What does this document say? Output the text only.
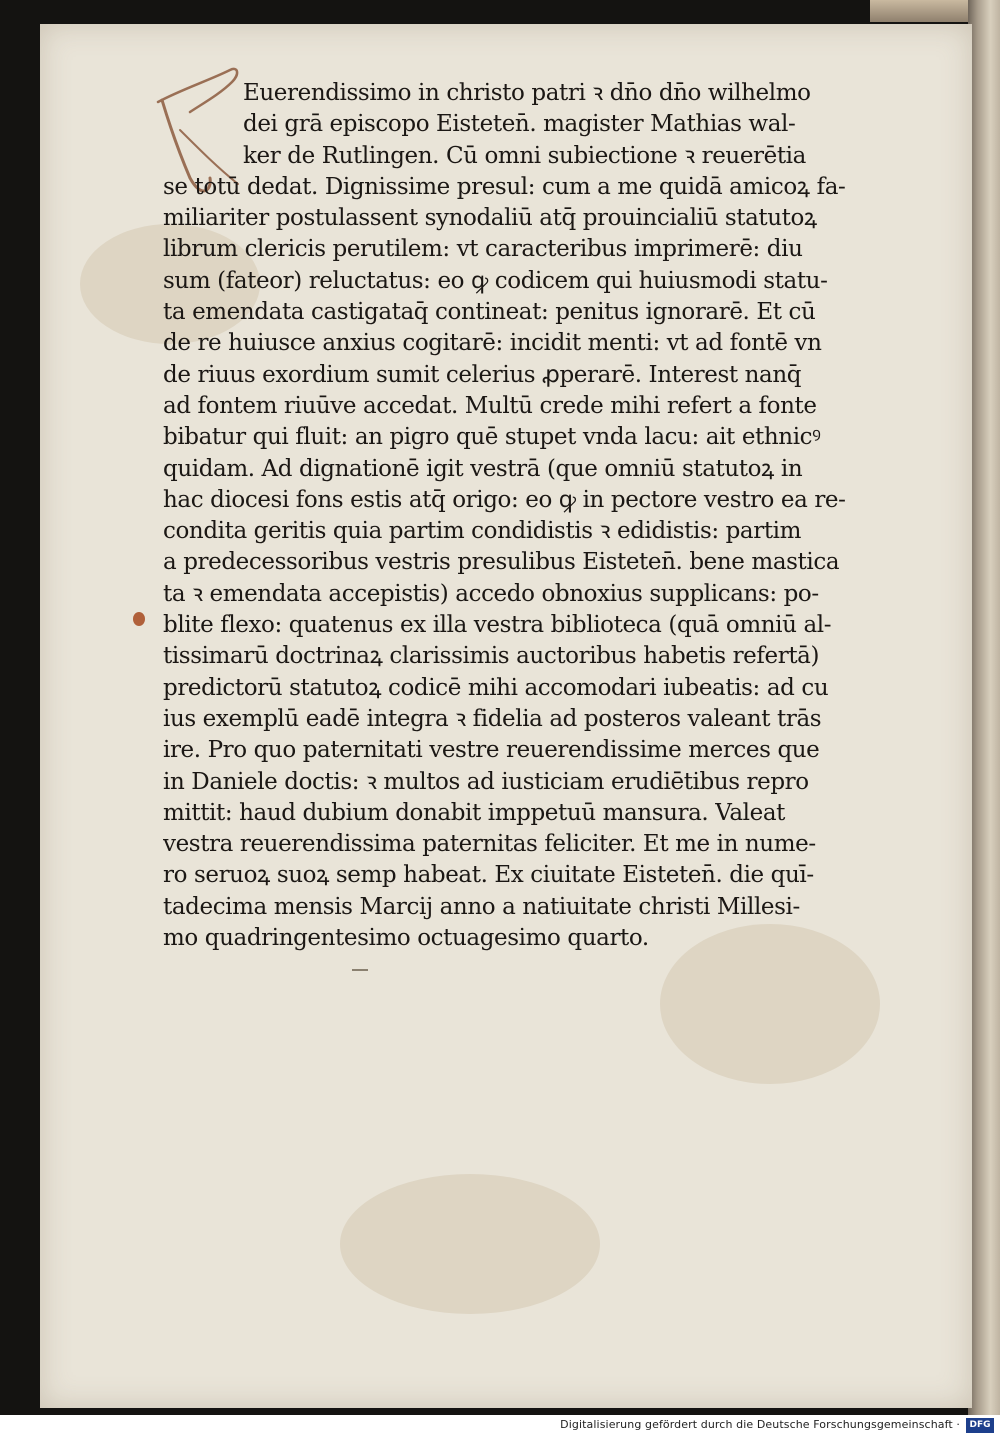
Euerendissimo in christo patri ꝛ dn̄o dn̄o wilhelmo
dei grā episcopo Eisteten̄. magister Mathias wal-
ker de Rutlingen. Cū omni subiectione ꝛ reuerētia
se totū dedat. Dignissime presul: cum a me quidā amicoꝝ fa-
miliariter postulassent synodaliū atq̄ prouincialiū statutoꝝ
librum clericis perutilem: vt caracteribus imprimerē: diu
sum (fateor) reluctatus: eo ꝙ codicem qui huiusmodi statu-
ta emendata castigataq̄ contineat: penitus ignorarē. Et cū
de re huiusce anxius cogitarē: incidit menti: vt ad fontē vn
de riuus exordium sumit celerius ꝓperarē. Interest nanq̄
ad fontem riuūve accedat. Multū crede mihi refert a fonte
bibatur qui fluit: an pigro quē stupet vnda lacu: ait ethnicꝰ
quidam. Ad dignationē igit vestrā (que omniū statutoꝝ in
hac diocesi fons estis atq̄ origo: eo ꝙ in pectore vestro ea re-
condita geritis quia partim condidistis ꝛ edidistis: partim
a predecessoribus vestris presulibus Eisteten̄. bene mastica
ta ꝛ emendata accepistis) accedo obnoxius supplicans: po-
blite flexo: quatenus ex illa vestra biblioteca (quā omniū al-
tissimarū doctrinaꝝ clarissimis auctoribus habetis refertā)
predictorū statutoꝝ codicē mihi accomodari iubeatis: ad cu
ius exemplū eadē integra ꝛ fidelia ad posteros valeant trās
ire. Pro quo paternitati vestre reuerendissime merces que
in Daniele doctis: ꝛ multos ad iusticiam erudiētibus repro
mittit: haud dubium donabit imppetuū mansura. Valeat
vestra reuerendissima paternitas feliciter. Et me in nume-
ro seruoꝝ suoꝝ semp habeat. Ex ciuitate Eisteten̄. die quī-
tadecima mensis Marcij anno a natiuitate christi Millesi-
mo quadringentesimo octuagesimo quarto.
Digitalisierung gefördert durch die Deutsche Forschungsgemeinschaft ·	DFG
